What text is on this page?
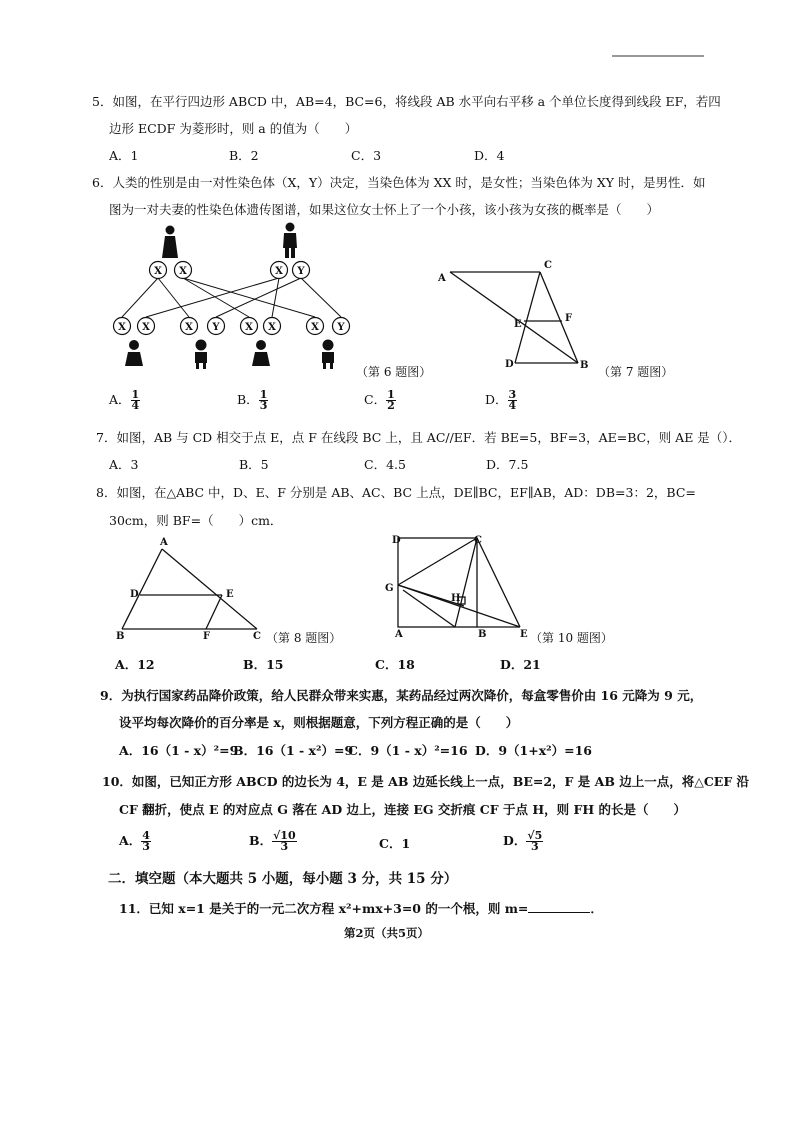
5．如图，在平行四边形 ABCD 中，AB=4，BC=6，将线段 AB 水平向右平移 a 个单位长度得到线段 EF，若四
边形 ECDF 为菱形时，则 a 的值为（　　）
A．1	B．2	C．3	D．4
6．人类的性别是由一对性染色体（X，Y）决定，当染色体为 XX 时，是女性；当染色体为 XY 时，是男性．如
图为一对夫妻的性染色体遗传图谱，如果这位女士怀上了一个小孩，该小孩为女孩的概率是（　　）
X X	X Y
X X	X Y	X X	X Y
（第 6 题图）
A
C
E
F
D	B （第 7 题图）
A． $\frac{1}{4}$	B． $\frac{1}{3}$	C． $\frac{1}{2}$	D． $\frac{3}{4}$
7．如图，AB 与 CD 相交于点 E，点 F 在线段 BC 上，且 AC//EF．若 BE=5，BF=3，AE=BC，则 AE 是（）．
A．3	B．5	C．4.5	D．7.5
8．如图，在△ABC 中，D、E、F 分别是 AB、AC、BC 上点，DE∥BC，EF∥AB，AD：DB=3：2，BC=
30cm，则 BF=（　　）cm．
A
D	E
B	F	C （第 8 题图）
D	C
G
H
A	B	E （第 10 题图）
A．12	B．15	C．18	D．21
9．为执行国家药品降价政策，给人民群众带来实惠，某药品经过两次降价，每盒零售价由 16 元降为 9 元，
设平均每次降价的百分率是 x，则根据题意，下列方程正确的是（　　）
A．16（1 - x）²=9
B．16（1 - x²）=9
C．9（1 - x）²=16 D．9（1+x²）=16
10．如图，已知正方形 ABCD 的边长为 4，E 是 AB 边延长线上一点，BE=2，F 是 AB 边上一点，将△CEF 沿
CF 翻折，使点 E 的对应点 G 落在 AD 边上，连接 EG 交折痕 CF 于点 H，则 FH 的长是（　　）
A． $\frac{4}{3}$	B． $\frac{√10}{3}$	C．1	D． $\frac{√5}{3}$
二．填空题（本大题共 5 小题，每小题 3 分，共 15 分）
11．已知 x=1 是关于的一元二次方程 x²+mx+3=0 的一个根，则 m=	．
第2页（共5页）
